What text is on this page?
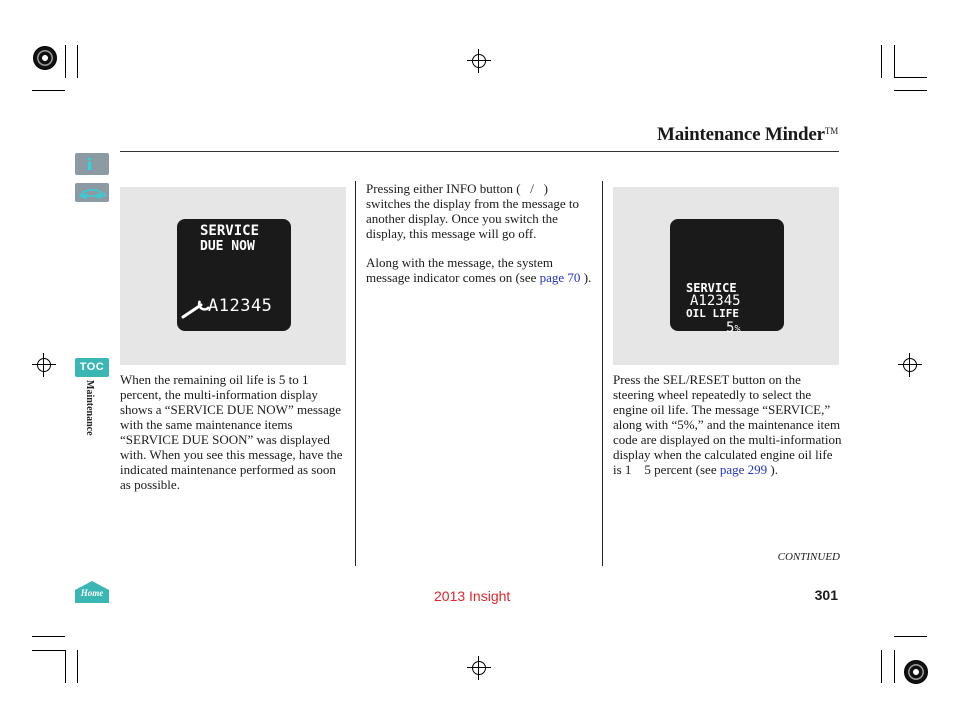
Maintenance Minder™
i
TOC
Maintenance
Home
SERVICE
DUE NOW
A12345

When the remaining oil life is 5 to 1 percent, the multi-information display shows a “SERVICE DUE NOW” message with the same maintenance items “SERVICE DUE SOON” was displayed with. When you see this message, have the indicated maintenance performed as soon as possible.

Pressing either INFO button (   /   ) switches the display from the message to another display. Once you switch the display, this message will go off.

Along with the message, the system message indicator comes on (see page 70 ).

SERVICE
A12345
OIL LIFE
5%

Press the SEL/RESET button on the steering wheel repeatedly to select the engine oil life. The message “SERVICE,” along with “5%,” and the maintenance item code are displayed on the multi-information display when the calculated engine oil life is 1    5 percent (see page 299 ).

CONTINUED
2013 Insight	301
